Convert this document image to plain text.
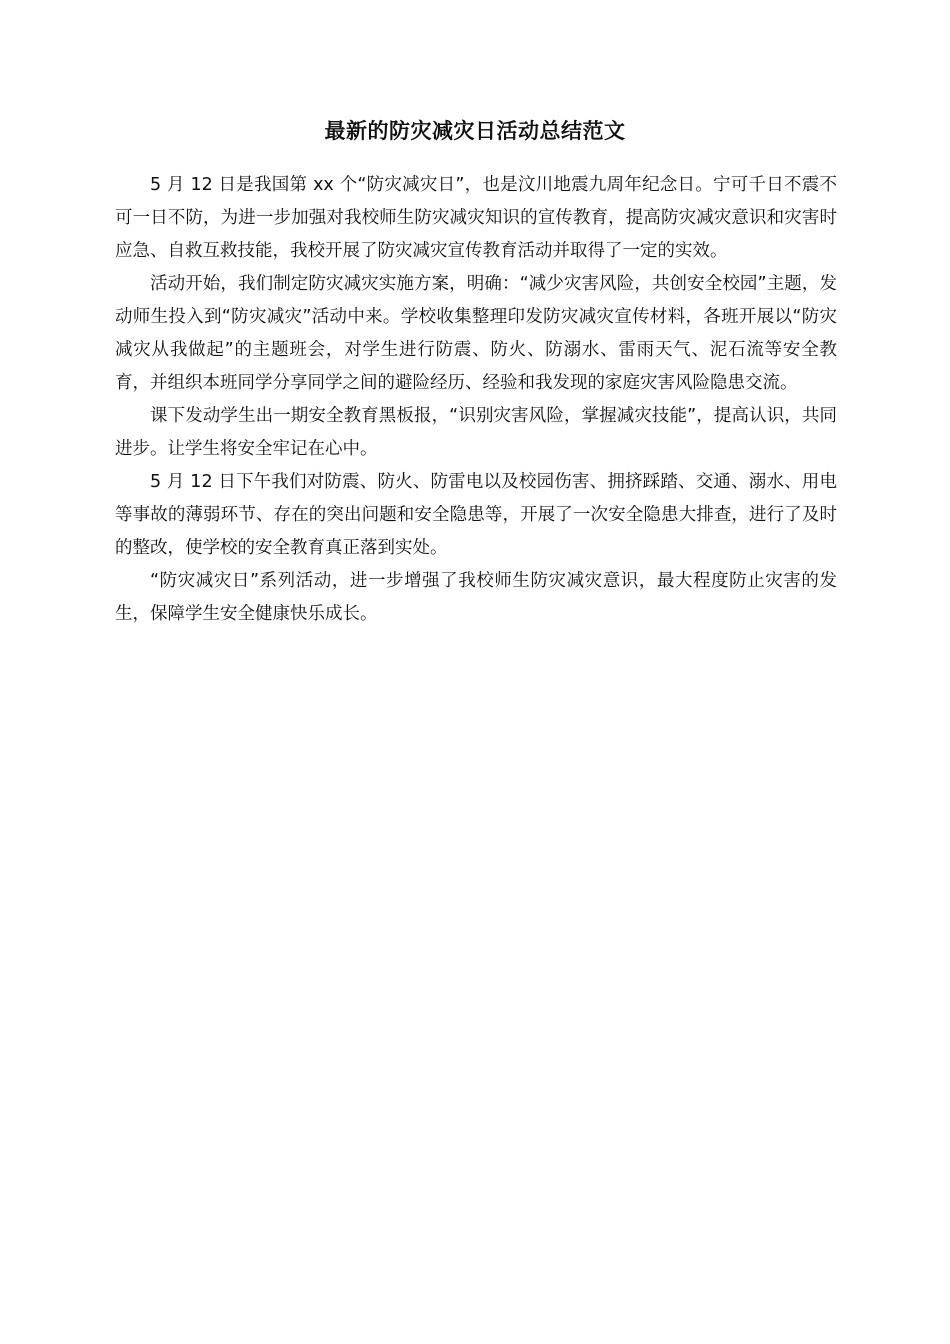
最新的防灾减灾日活动总结范文

5 月 12 日是我国第 xx 个“防灾减灾日”，也是汶川地震九周年纪念日。宁可千日不震不可一日不防，为进一步加强对我校师生防灾减灾知识的宣传教育，提高防灾减灾意识和灾害时应急、自救互救技能，我校开展了防灾减灾宣传教育活动并取得了一定的实效。

活动开始，我们制定防灾减灾实施方案，明确：“减少灾害风险，共创安全校园”主题，发动师生投入到“防灾减灾”活动中来。学校收集整理印发防灾减灾宣传材料，各班开展以“防灾减灾从我做起”的主题班会，对学生进行防震、防火、防溺水、雷雨天气、泥石流等安全教育，并组织本班同学分享同学之间的避险经历、经验和我发现的家庭灾害风险隐患交流。

课下发动学生出一期安全教育黑板报，“识别灾害风险，掌握减灾技能”，提高认识，共同进步。让学生将安全牢记在心中。

5 月 12 日下午我们对防震、防火、防雷电以及校园伤害、拥挤踩踏、交通、溺水、用电等事故的薄弱环节、存在的突出问题和安全隐患等，开展了一次安全隐患大排查，进行了及时的整改，使学校的安全教育真正落到实处。

“防灾减灾日”系列活动，进一步增强了我校师生防灾减灾意识，最大程度防止灾害的发生，保障学生安全健康快乐成长。
